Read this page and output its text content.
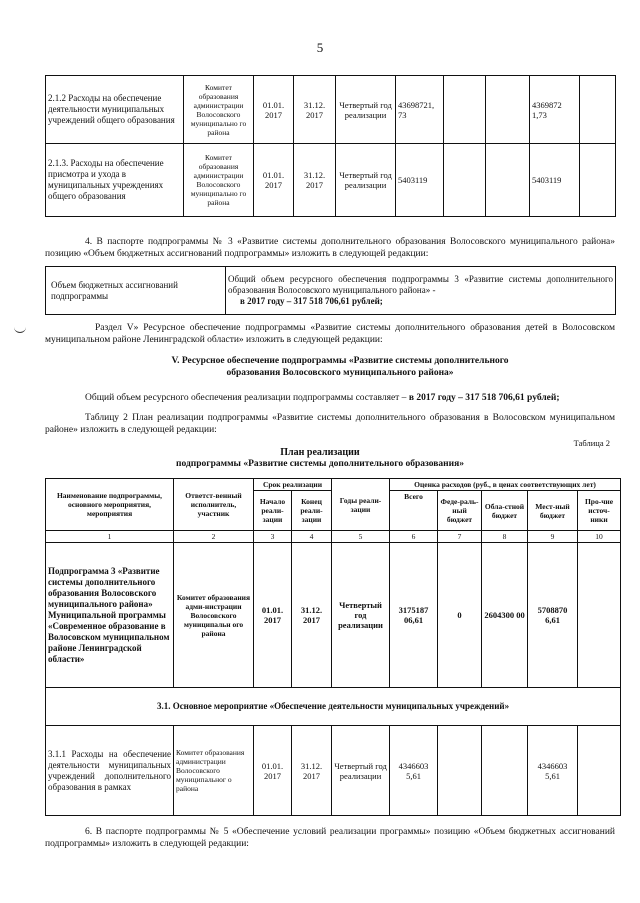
5
2.1.2 Расходы на обеспечение деятельности муниципальных учреждений общего образования	Комитет образования администрации Волосовского муниципально го района	01.01. 2017	31.12. 2017	Четвертый год реализации	43698721, 73			4369872 1,73	
2.1.3. Расходы на обеспечение присмотра и ухода в муниципальных учреждениях общего образования	Комитет образования администрации Волосовского муниципально го района	01.01. 2017	31.12. 2017	Четвертый год реализации	5403119			5403119	

4. В паспорте подпрограммы № 3 «Развитие системы дополнительного образования Волосовского муниципального района» позицию «Объем бюджетных ассигнований подпрограммы» изложить в следующей редакции:

Объем бюджетных ассигнований подпрограммы	Общий объем ресурсного обеспечения подпрограммы 3 «Развитие системы дополнительного образования Волосовского муниципального района» -
в 2017 году – 317 518 706,61 рублей;

Раздел V» Ресурсное обеспечение подпрограммы «Развитие системы дополнительного образования детей в Волосовском муниципальном районе Ленинградской области» изложить в следующей редакции:

V. Ресурсное обеспечение подпрограммы «Развитие системы дополнительного образования Волосовского муниципального района»

Общий объем ресурсного обеспечения реализации подпрограммы составляет – в 2017 году – 317 518 706,61 рублей;

Таблицу 2 План реализации подпрограммы «Развитие системы дополнительного образования в Волосовском муниципальном районе» изложить в следующей редакции:

Таблица 2
План реализации
подпрограммы «Развитие системы дополнительного образования»
Наименование подпрограммы, основного мероприятия, мероприятия	Ответст-венный исполнитель, участник	Срок реализации		Годы реали-зации	Оценка расходов (руб., в ценах соответствующих лет)				
		Начало реали-зации	Конец реали-зации		Всего	Феде-раль-ный бюджет	Обла-стной бюджет	Мест-ный бюджет	Про-чие источ-ники
1	2	3	4	5	6	7	8	9	10
Подпрограмма 3 «Развитие системы дополнительного образования Волосовского муниципального района» Муниципальной программы «Современное образование в Волосовском муниципальном районе Ленинградской области»	Комитет образования адми-нистрации Волосовского муниципальн ого района	01.01. 2017	31.12. 2017	Четвертый год реализации	3175187 06,61	0	2604300 00	5708870 6,61	
3.1. Основное мероприятие «Обеспечение деятельности муниципальных учреждений»									
3.1.1 Расходы на обеспечение деятельности муниципальных учреждений дополнительного образования в рамках	Комитет образования администрации Волосовского муниципальног о района	01.01. 2017	31.12. 2017	Четвертый год реализации	4346603 5,61			4346603 5,61	

6. В паспорте подпрограммы № 5 «Обеспечение условий реализации программы» позицию «Объем бюджетных ассигнований подпрограммы» изложить в следующей редакции:
